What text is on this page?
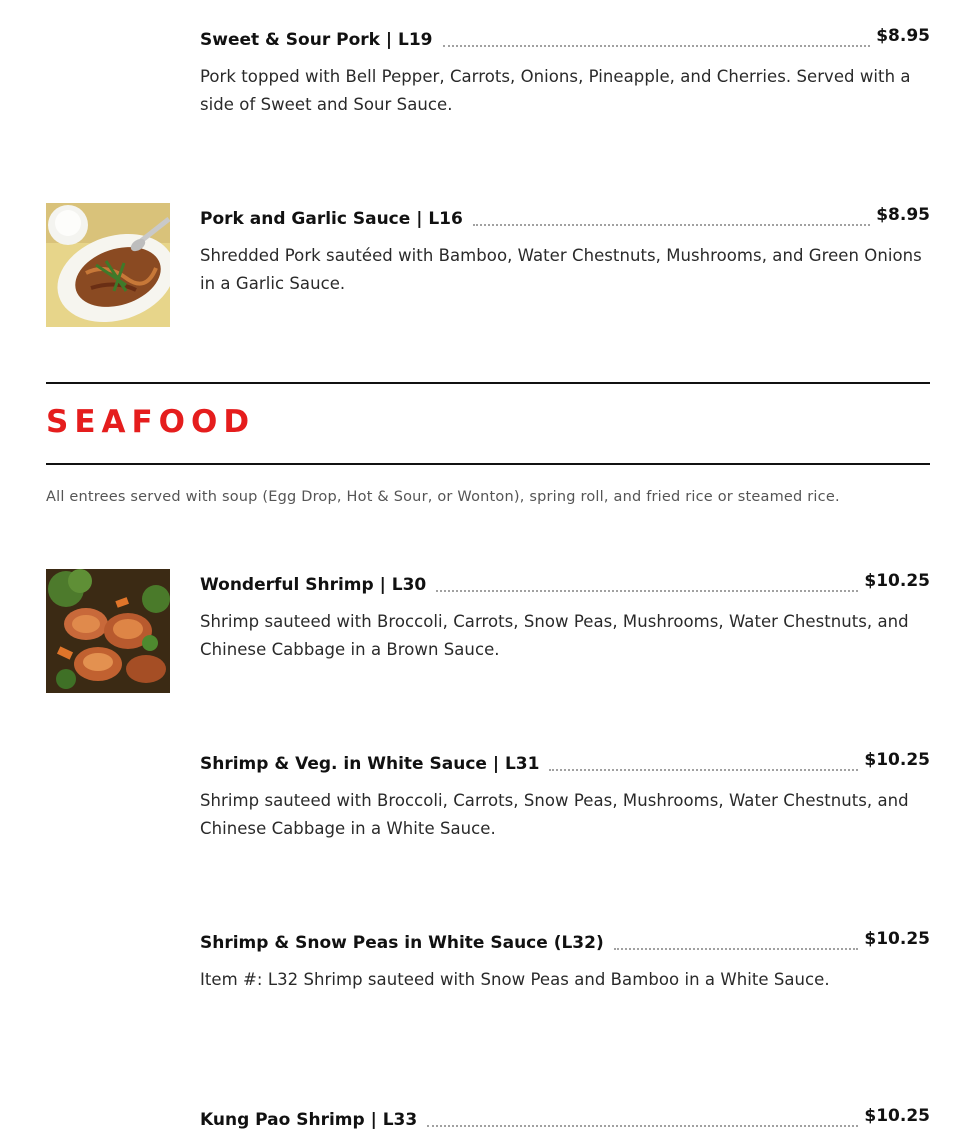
Sweet & Sour Pork | L19	$8.95
Pork topped with Bell Pepper, Carrots, Onions, Pineapple, and Cherries. Served with a side of Sweet and Sour Sauce.
Pork and Garlic Sauce | L16	$8.95
Shredded Pork sautéed with Bamboo, Water Chestnuts, Mushrooms, and Green Onions in a Garlic Sauce.
SEAFOOD
All entrees served with soup (Egg Drop, Hot & Sour, or Wonton), spring roll, and fried rice or steamed rice.
Wonderful Shrimp | L30	$10.25
Shrimp sauteed with Broccoli, Carrots, Snow Peas, Mushrooms, Water Chestnuts, and Chinese Cabbage in a Brown Sauce.
Shrimp & Veg. in White Sauce | L31	$10.25
Shrimp sauteed with Broccoli, Carrots, Snow Peas, Mushrooms, Water Chestnuts, and Chinese Cabbage in a White Sauce.
Shrimp & Snow Peas in White Sauce (L32)	$10.25
Item #: L32 Shrimp sauteed with Snow Peas and Bamboo in a White Sauce.
Kung Pao Shrimp | L33	$10.25
